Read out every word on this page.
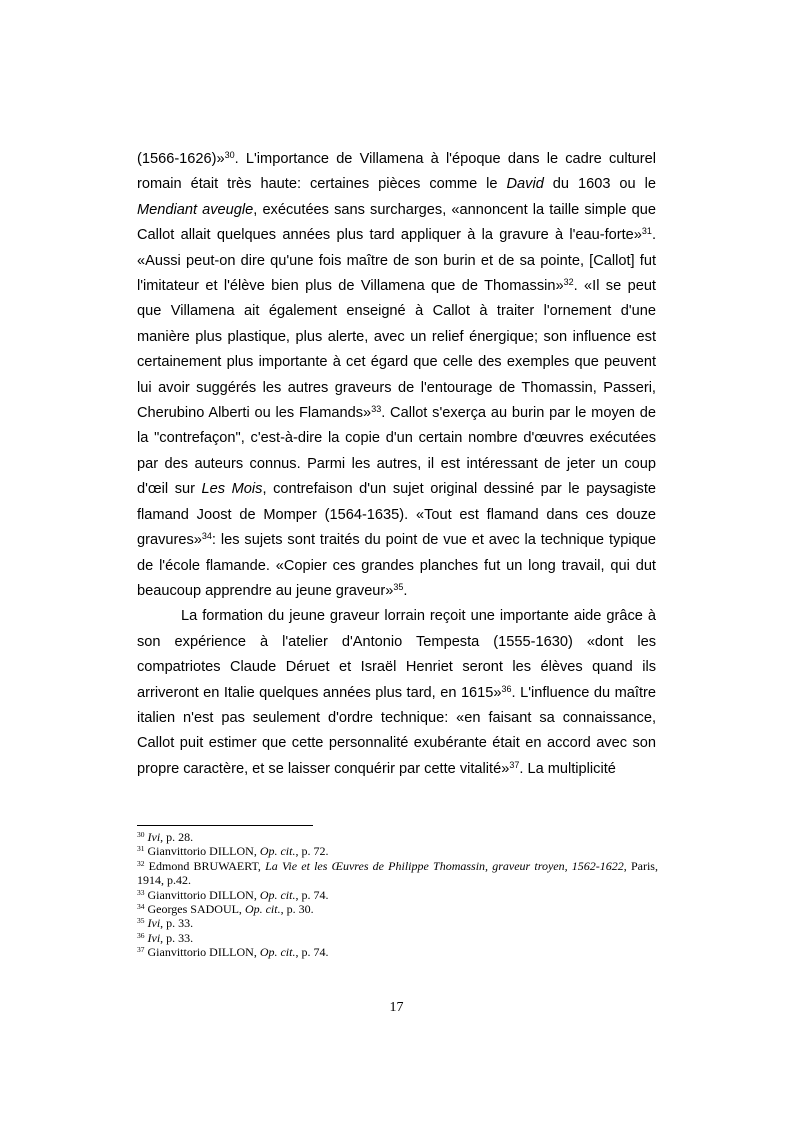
(1566-1626)»$^{30}$. L'importance de Villamena à l'époque dans le cadre culturel romain était très haute: certaines pièces comme le David du 1603 ou le Mendiant aveugle, exécutées sans surcharges, «annoncent la taille simple que Callot allait quelques années plus tard appliquer à la gravure à l'eau-forte»$^{31}$. «Aussi peut-on dire qu'une fois maître de son burin et de sa pointe, [Callot] fut l'imitateur et l'élève bien plus de Villamena que de Thomassin»$^{32}$. «Il se peut que Villamena ait également enseigné à Callot à traiter l'ornement d'une manière plus plastique, plus alerte, avec un relief énergique; son influence est certainement plus importante à cet égard que celle des exemples que peuvent lui avoir suggérés les autres graveurs de l'entourage de Thomassin, Passeri, Cherubino Alberti ou les Flamands»$^{33}$. Callot s'exerça au burin par le moyen de la "contrefaçon", c'est-à-dire la copie d'un certain nombre d'œuvres exécutées par des auteurs connus. Parmi les autres, il est intéressant de jeter un coup d'œil sur Les Mois, contrefaison d'un sujet original dessiné par le paysagiste flamand Joost de Momper (1564-1635). «Tout est flamand dans ces douze gravures»$^{34}$: les sujets sont traités du point de vue et avec la technique typique de l'école flamande. «Copier ces grandes planches fut un long travail, qui dut beaucoup apprendre au jeune graveur»$^{35}$.

La formation du jeune graveur lorrain reçoit une importante aide grâce à son expérience à l'atelier d'Antonio Tempesta (1555-1630) «dont les compatriotes Claude Déruet et Israël Henriet seront les élèves quand ils arriveront en Italie quelques années plus tard, en 1615»$^{36}$. L'influence du maître italien n'est pas seulement d'ordre technique: «en faisant sa connaissance, Callot puit estimer que cette personnalité exubérante était en accord avec son propre caractère, et se laisser conquérir par cette vitalité»$^{37}$. La multiplicité

$^{30}$ Ivi, p. 28.
$^{31}$ Gianvittorio DILLON, Op. cit., p. 72.
$^{32}$ Edmond BRUWAERT, La Vie et les Œuvres de Philippe Thomassin, graveur troyen, 1562-1622, Paris, 1914, p.42.
$^{33}$ Gianvittorio DILLON, Op. cit., p. 74.
$^{34}$ Georges SADOUL, Op. cit., p. 30.
$^{35}$ Ivi, p. 33.
$^{36}$ Ivi, p. 33.
$^{37}$ Gianvittorio DILLON, Op. cit., p. 74.
17
